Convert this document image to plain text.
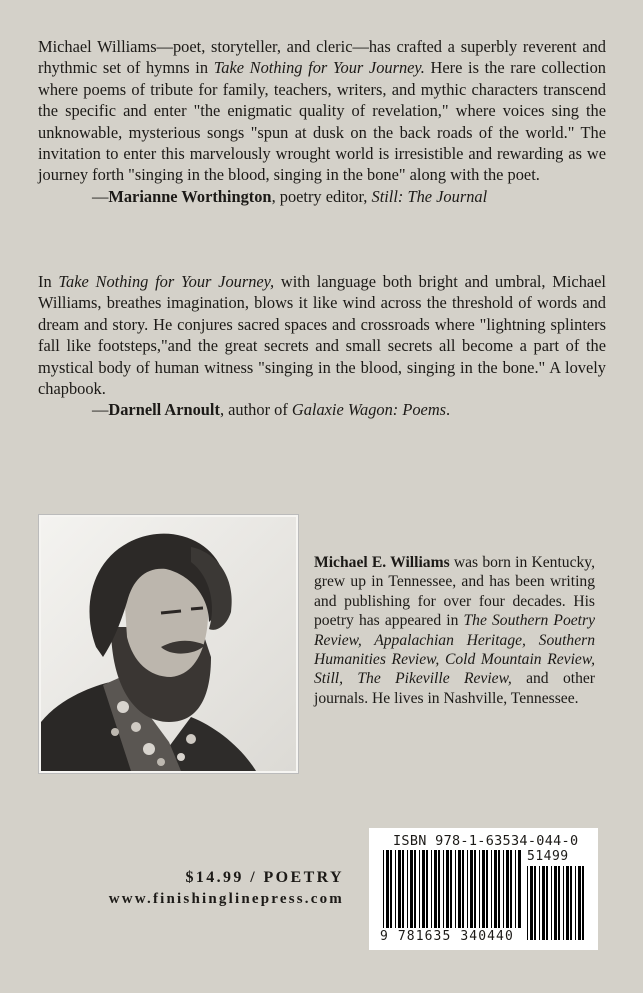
Michael Williams—poet, storyteller, and cleric—has crafted a superbly reverent and rhythmic set of hymns in Take Nothing for Your Journey. Here is the rare collection where poems of tribute for family, teachers, writers, and mythic characters transcend the specific and enter "the enigmatic quality of revelation," where voices sing the unknowable, mysterious songs "spun at dusk on the back roads of the world." The invitation to enter this marvelously wrought world is irresistible and rewarding as we journey forth "singing in the blood, singing in the bone" along with the poet.

—Marianne Worthington, poetry editor, Still: The Journal

In Take Nothing for Your Journey, with language both bright and umbral, Michael Williams, breathes imagination, blows it like wind across the threshold of words and dream and story. He conjures sacred spaces and crossroads where "lightning splinters fall like footsteps,"and the great secrets and small secrets all become a part of the mystical body of human witness "singing in the blood, singing in the bone." A lovely chapbook.

—Darnell Arnoult, author of Galaxie Wagon: Poems.

Michael E. Williams was born in Kentucky, grew up in Tennessee, and has been writing and publishing for over four decades. His poetry has appeared in The Southern Poetry Review, Appalachian Heritage, Southern Humanities Review, Cold Mountain Review, Still, The Pikeville Review, and other journals. He lives in Nashville, Tennessee.

$14.99 / POETRY
www.finishinglinepress.com
ISBN 978-1-63534-044-0
51499
9 781635 340440
